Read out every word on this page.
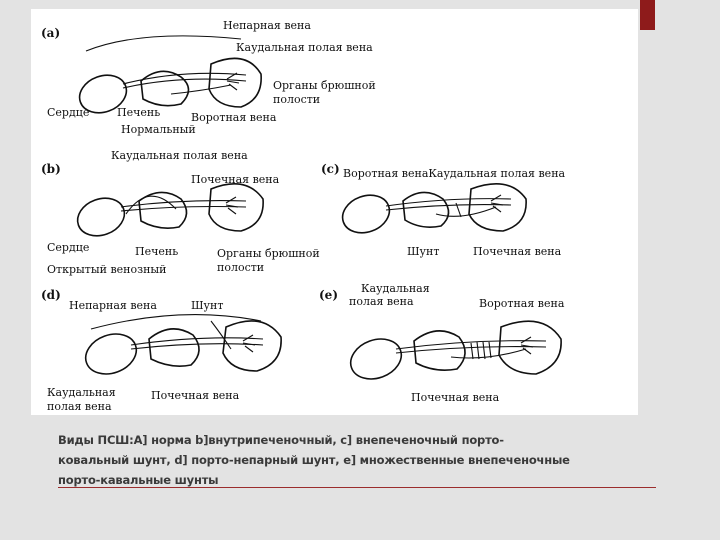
(a)
Непарная вена
Каудальная полая вена
Органы брюшной
полости
Сердце	Печень	Воротная вена
Нормальный
(b)
Каудальная полая вена
Почечная вена
Сердце	Печень	Органы брюшной
полости
Открытый венозный
(c) Воротная венаКаудальная полая вена
Шунт	Почечная вена
(d)
Непарная вена	Шунт
Каудальная
полая вена
Почечная вена
(e) Каудальная
полая вена	Воротная вена
Почечная вена
Виды ПСШ:А] норма b]внутрипеченочный, с] внепеченочный порто-
ковальный шунт, d] порто-непарный шунт, е] множественные внепеченочные
порто-кавальные шунты
